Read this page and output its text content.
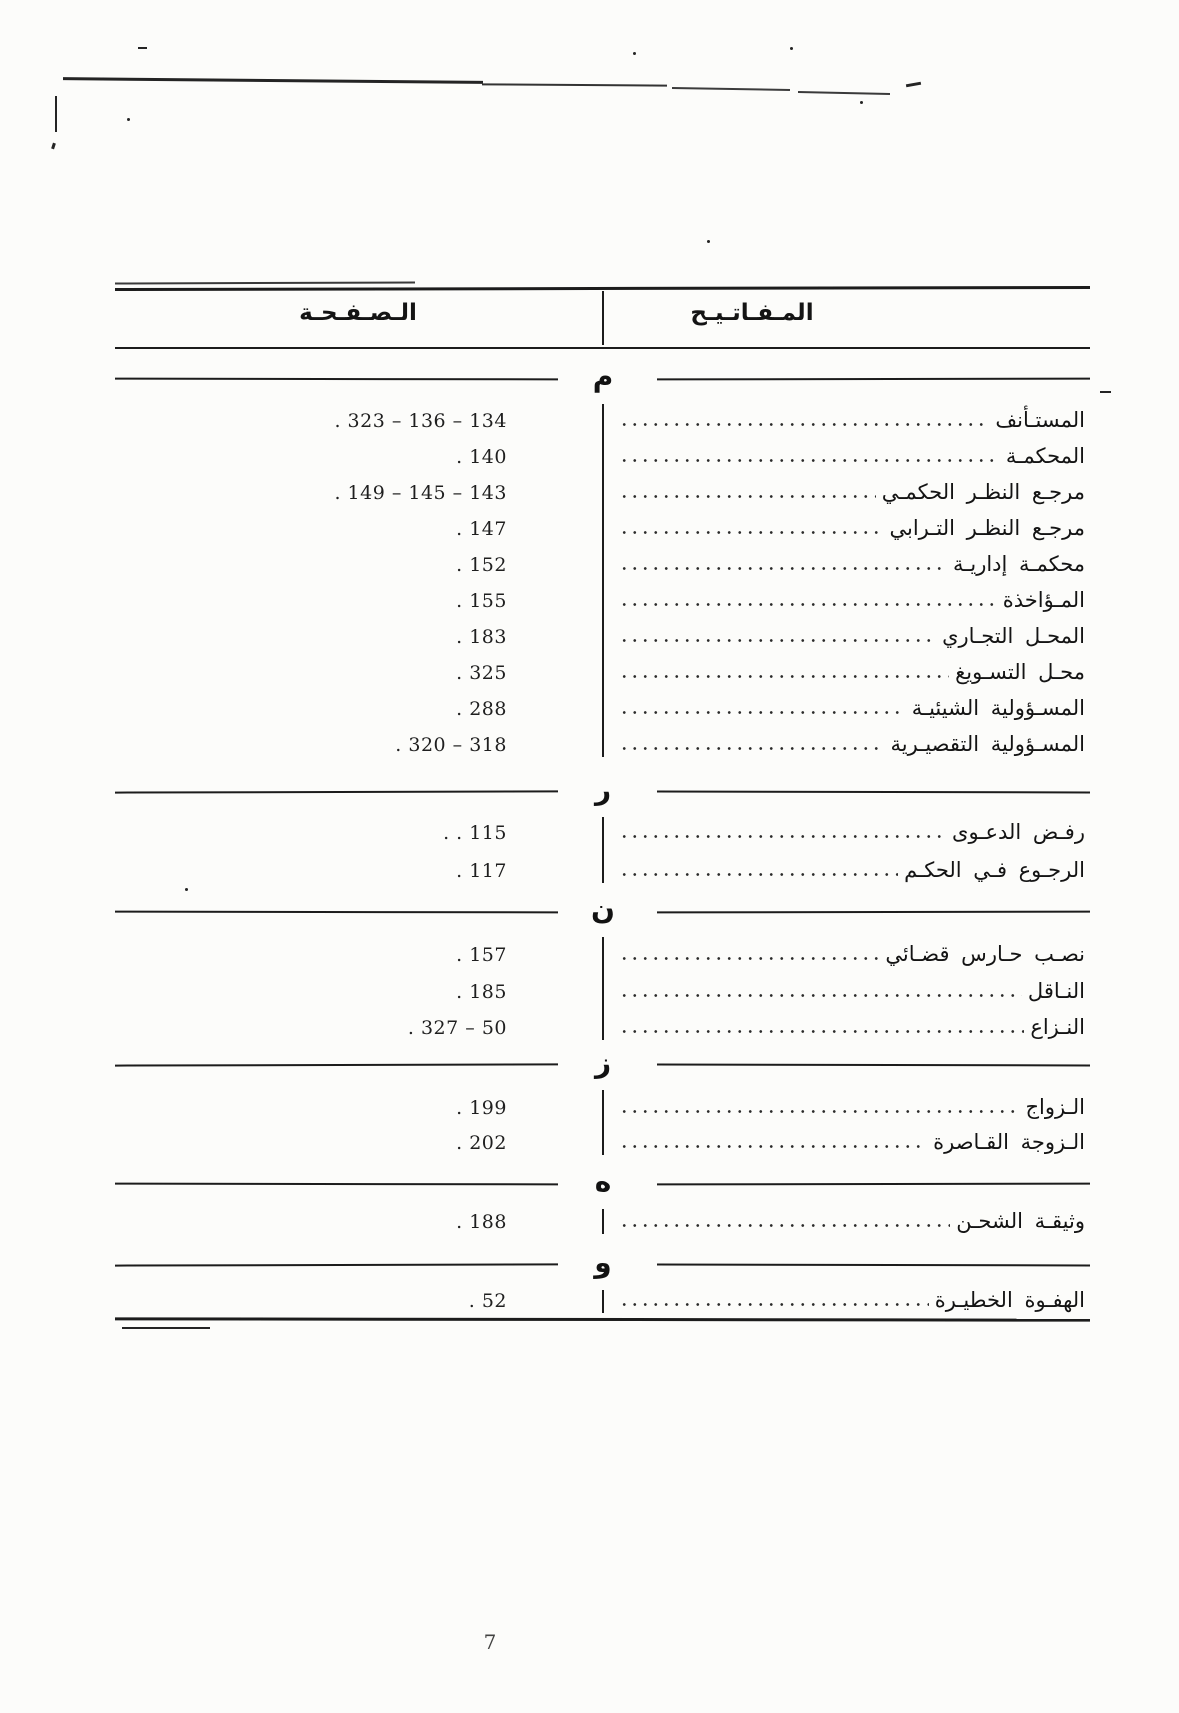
الـصـفـحـة	المـفـاتـيـح
م
. 323 – 136 – 134	المستـأنف
. 140	المحكمـة
. 149 – 145 – 143	مرجـع النظـر الحكمـي
. 147	مرجـع النظـر التـرابي
. 152	محكمـة إداريـة
. 155	المـؤاخذة
. 183	المحـل التجـاري
. 325	محـل التسـويغ
. 288	المسـؤولية الشيئيـة
. 320 – 318	المسـؤولية التقصيـرية
ر
. . 115	رفـض الدعـوى
. 117	الرجـوع فـي الحكـم
ن
. 157	نصـب حـارس قضـائي
. 185	النـاقل
. 327 – 50	النـزاع
ز
. 199	الـزواج
. 202	الـزوجة القـاصرة
ه
. 188	وثيقـة الشحـن
و
. 52	الهفـوة الخطيـرة
7
